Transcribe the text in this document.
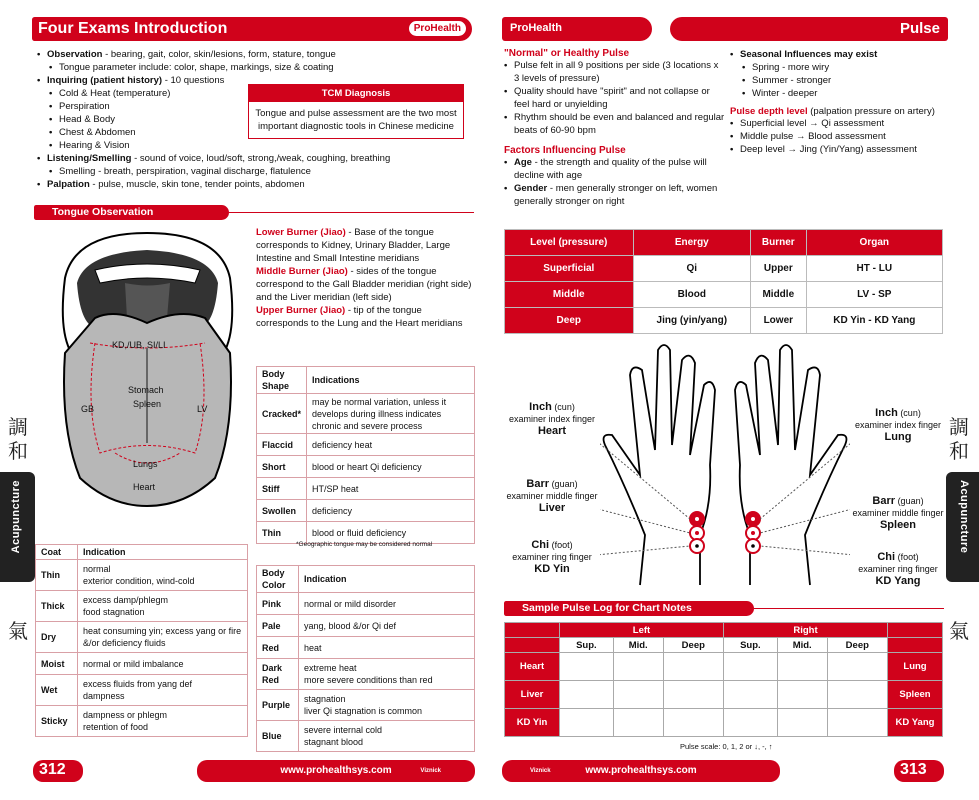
Four Exams Introduction	ProHealth
• Observation - bearing, gait, color, skin/lesions, form, stature, tongue
• Tongue parameter include: color, shape, markings, size & coating
• Inquiring (patient history) - 10 questions
• Cold & Heat (temperature)
• Perspiration
• Head & Body
• Chest & Abdomen
• Hearing & Vision
• Listening/Smelling - sound of voice, loud/soft, strong,/weak, coughing, breathing
• Smelling - breath, perspiration, vaginal discharge, flatulence
• Palpation - pulse, muscle, skin tone, tender points, abdomen
TCM Diagnosis
Tongue and pulse assessment are the two most important diagnostic tools in Chinese medicine
Tongue Observation
KD,/UB, SI/LI
Stomach
Spleen
GB	LV
Lungs
Heart
Lower Burner (Jiao) - Base of the tongue corresponds to Kidney, Urinary Bladder, Large Intestine and Small Intestine meridians
Middle Burner (Jiao) - sides of the tongue correspond to the Gall Bladder meridian (right side) and the Liver meridian (left side)
Upper Burner (Jiao) - tip of the tongue corresponds to the Lung and the Heart meridians
Body Shape	Indications
Cracked*	may be normal variation, unless it develops during illness indicates chronic and severe process
Flaccid	deficiency heat
Short	blood or heart Qi deficiency
Stiff	HT/SP heat
Swollen	deficiency
Thin	blood or fluid deficiency
*Geographic tongue may be considered normal
Coat	Indication
Thin	normal
exterior condition, wind-cold
Thick	excess damp/phlegm
food stagnation
Dry	heat consuming yin; excess yang or fire &/or deficiency fluids
Moist	normal or mild imbalance
Wet	excess fluids from yang def
dampness
Sticky	dampness or phlegm
retention of food
Body Color	Indication
Pink	normal or mild disorder
Pale	yang, blood &/or Qi def
Red	heat
Dark Red	extreme heat
more severe conditions than red
Purple	stagnation
liver Qi stagnation is common
Blue	severe internal cold
stagnant blood
調
和
Acupuncture
氣
312	www.prohealthsys.com	Viznick
ProHealth	Pulse
"Normal" or Healthy Pulse
• Pulse felt in all 9 positions per side (3 locations x 3 levels of pressure)
• Quality should have "spirit" and not collapse or feel hard or unyielding
• Rhythm should be even and balanced and regular beats of 60-90 bpm
Factors Influencing Pulse
• Age - the strength and quality of the pulse will decline with age
• Gender - men generally stronger on left, women generally stronger on right
• Seasonal Influences may exist
• Spring - more wiry
• Summer - stronger
• Winter - deeper
Pulse depth level (palpation pressure on artery)
• Superficial level → Qi assessment
• Middle pulse → Blood assessment
• Deep level → Jing (Yin/Yang) assessment
Level (pressure)	Energy	Burner	Organ
Superficial	Qi	Upper	HT - LU
Middle	Blood	Middle	LV - SP
Deep	Jing (yin/yang)	Lower	KD Yin - KD Yang
Inch (cun)
examiner index finger
Heart
Barr (guan)
examiner middle finger
Liver
Chi (foot)
examiner ring finger
KD Yin
Inch (cun)
examiner index finger
Lung
Barr (guan)
examiner middle finger
Spleen
Chi (foot)
examiner ring finger
KD Yang
Sample Pulse Log for Chart Notes
	Left			Right			
	Sup.	Mid.	Deep	Sup.	Mid.	Deep	
Heart							Lung
Liver							Spleen
KD Yin							KD Yang
Pulse scale: 0, 1, 2 or ↓, -, ↑
調
和
Acupuncture
氣
Viznick	www.prohealthsys.com	313
